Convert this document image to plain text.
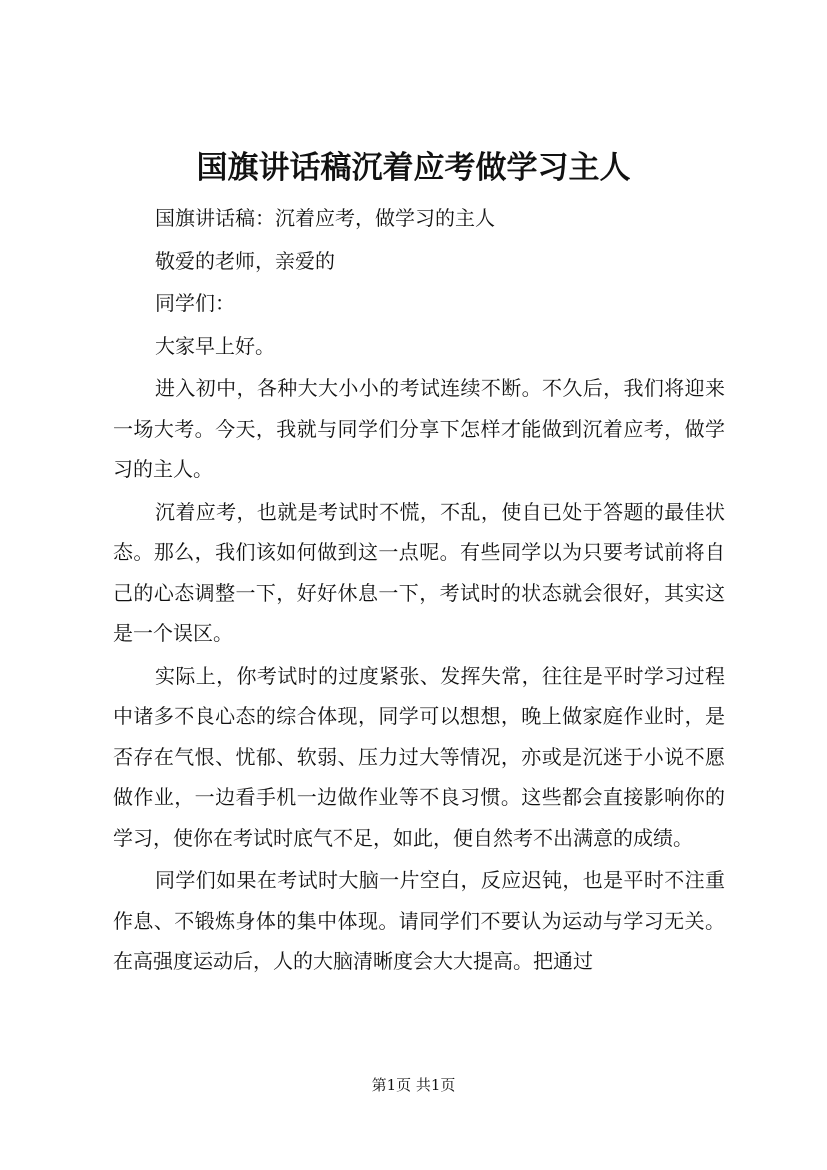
国旗讲话稿沉着应考做学习主人

国旗讲话稿：沉着应考，做学习的主人

敬爱的老师，亲爱的

同学们：

大家早上好。

进入初中，各种大大小小的考试连续不断。不久后，我们将迎来一场大考。今天，我就与同学们分享下怎样才能做到沉着应考，做学习的主人。

沉着应考，也就是考试时不慌，不乱，使自已处于答题的最佳状态。那么，我们该如何做到这一点呢。有些同学以为只要考试前将自己的心态调整一下，好好休息一下，考试时的状态就会很好，其实这是一个误区。

实际上，你考试时的过度紧张、发挥失常，往往是平时学习过程中诸多不良心态的综合体现，同学可以想想，晚上做家庭作业时，是否存在气恨、忧郁、软弱、压力过大等情况，亦或是沉迷于小说不愿做作业，一边看手机一边做作业等不良习惯。这些都会直接影响你的学习，使你在考试时底气不足，如此，便自然考不出满意的成绩。

同学们如果在考试时大脑一片空白，反应迟钝，也是平时不注重作息、不锻炼身体的集中体现。请同学们不要认为运动与学习无关。在高强度运动后，人的大脑清晰度会大大提高。把通过

第1页 共1页
